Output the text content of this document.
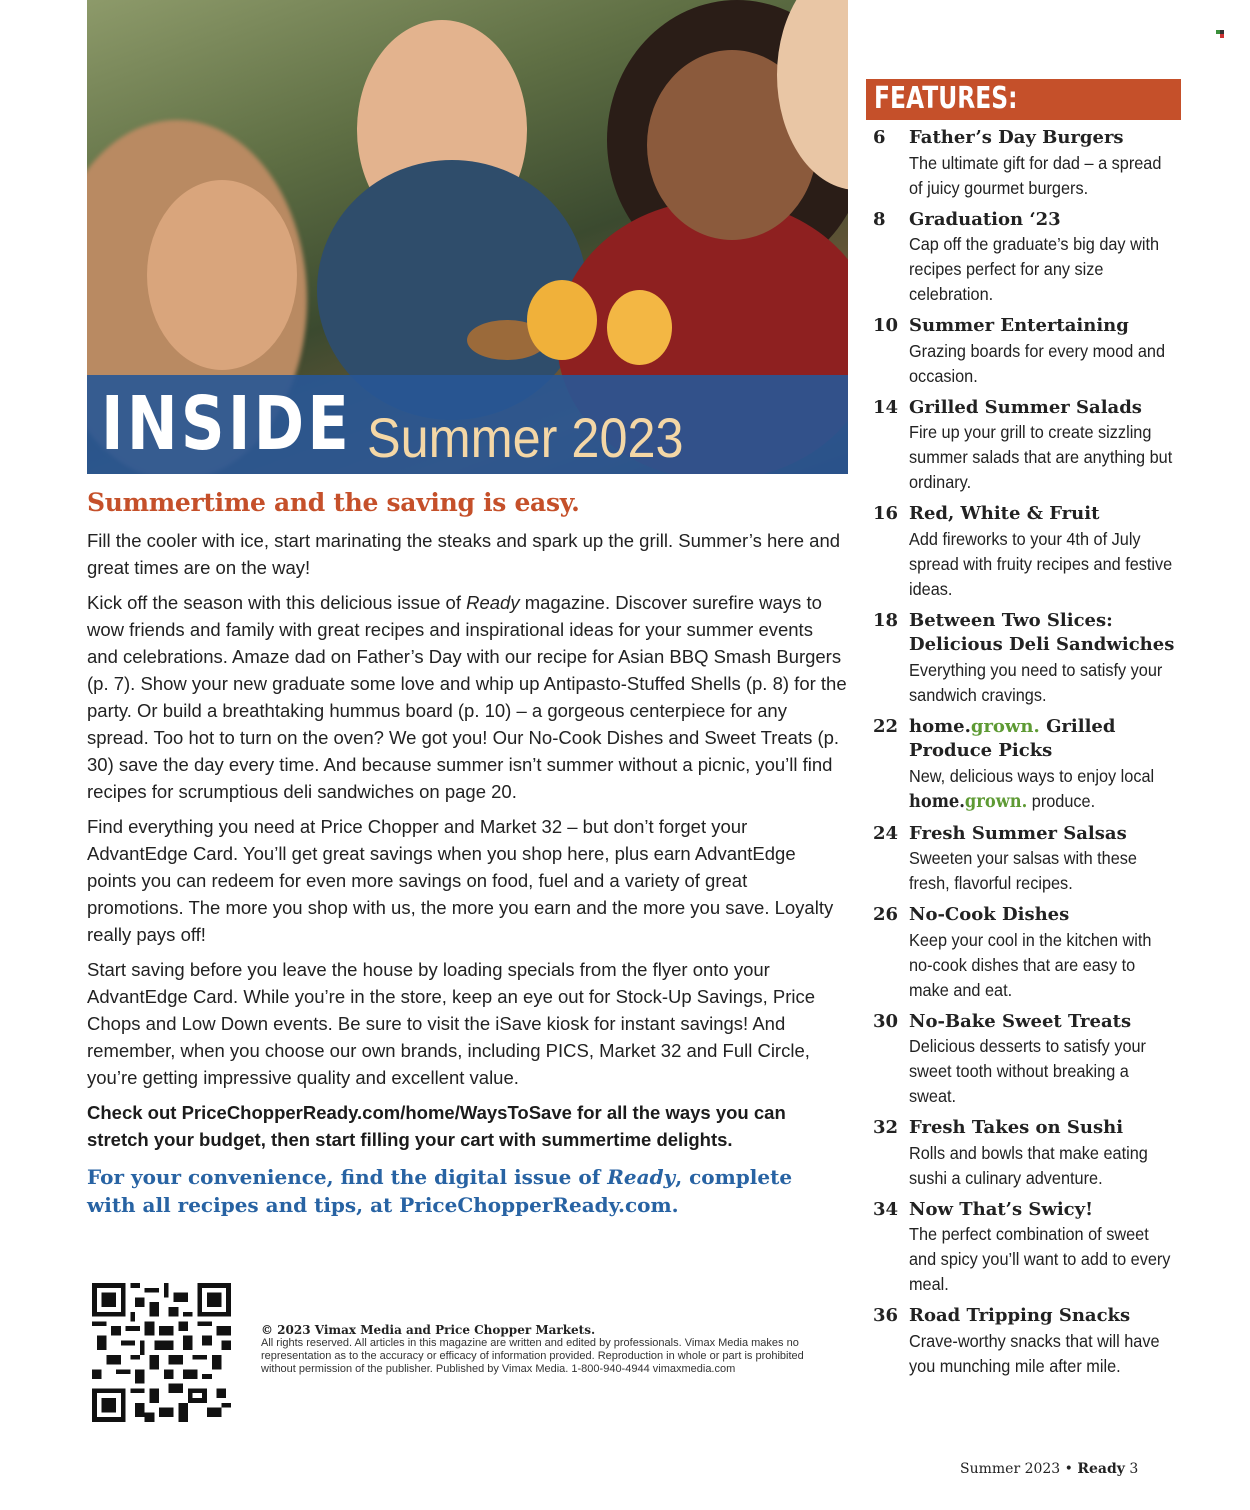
INSIDE Summer 2023
Summertime and the saving is easy.

Fill the cooler with ice, start marinating the steaks and spark up the grill. Summer’s here and great times are on the way!

Kick off the season with this delicious issue of Ready magazine. Discover surefire ways to wow friends and family with great recipes and inspirational ideas for your summer events and celebrations. Amaze dad on Father’s Day with our recipe for Asian BBQ Smash Burgers (p. 7). Show your new graduate some love and whip up Antipasto-Stuffed Shells (p. 8) for the party. Or build a breathtaking hummus board (p. 10) – a gorgeous centerpiece for any spread. Too hot to turn on the oven? We got you! Our No-Cook Dishes and Sweet Treats (p. 30) save the day every time. And because summer isn’t summer without a picnic, you’ll find recipes for scrumptious deli sandwiches on page 20.

Find everything you need at Price Chopper and Market 32 – but don’t forget your AdvantEdge Card. You’ll get great savings when you shop here, plus earn AdvantEdge points you can redeem for even more savings on food, fuel and a variety of great promotions. The more you shop with us, the more you earn and the more you save. Loyalty really pays off!

Start saving before you leave the house by loading specials from the flyer onto your AdvantEdge Card. While you’re in the store, keep an eye out for Stock-Up Savings, Price Chops and Low Down events. Be sure to visit the iSave kiosk for instant savings! And remember, when you choose our own brands, including PICS, Market 32 and Full Circle, you’re getting impressive quality and excellent value.

Check out PriceChopperReady.com/home/WaysToSave for all the ways you can stretch your budget, then start filling your cart with summertime delights.

For your convenience, find the digital issue of Ready, complete with all recipes and tips, at PriceChopperReady.com.

© 2023 Vimax Media and Price Chopper Markets.
All rights reserved. All articles in this magazine are written and edited by professionals. Vimax Media makes no representation as to the accuracy or efficacy of information provided. Reproduction in whole or part is prohibited without permission of the publisher. Published by Vimax Media. 1-800-940-4944 vimaxmedia.com
FEATURES:
6 Father’s Day Burgers
The ultimate gift for dad – a spread of juicy gourmet burgers.
8 Graduation ‘23
Cap off the graduate’s big day with recipes perfect for any size celebration.
10 Summer Entertaining
Grazing boards for every mood and occasion.
14 Grilled Summer Salads
Fire up your grill to create sizzling summer salads that are anything but ordinary.
16 Red, White & Fruit
Add fireworks to your 4th of July spread with fruity recipes and festive ideas.
18 Between Two Slices: Delicious Deli Sandwiches
Everything you need to satisfy your sandwich cravings.
22 home.grown. Grilled Produce Picks
New, delicious ways to enjoy local home.grown. produce.
24 Fresh Summer Salsas
Sweeten your salsas with these fresh, flavorful recipes.
26 No-Cook Dishes
Keep your cool in the kitchen with no-cook dishes that are easy to make and eat.
30 No-Bake Sweet Treats
Delicious desserts to satisfy your sweet tooth without breaking a sweat.
32 Fresh Takes on Sushi
Rolls and bowls that make eating sushi a culinary adventure.
34 Now That’s Swicy!
The perfect combination of sweet and spicy you’ll want to add to every meal.
36 Road Tripping Snacks
Crave-worthy snacks that will have you munching mile after mile.
Summer 2023 • Ready 3
